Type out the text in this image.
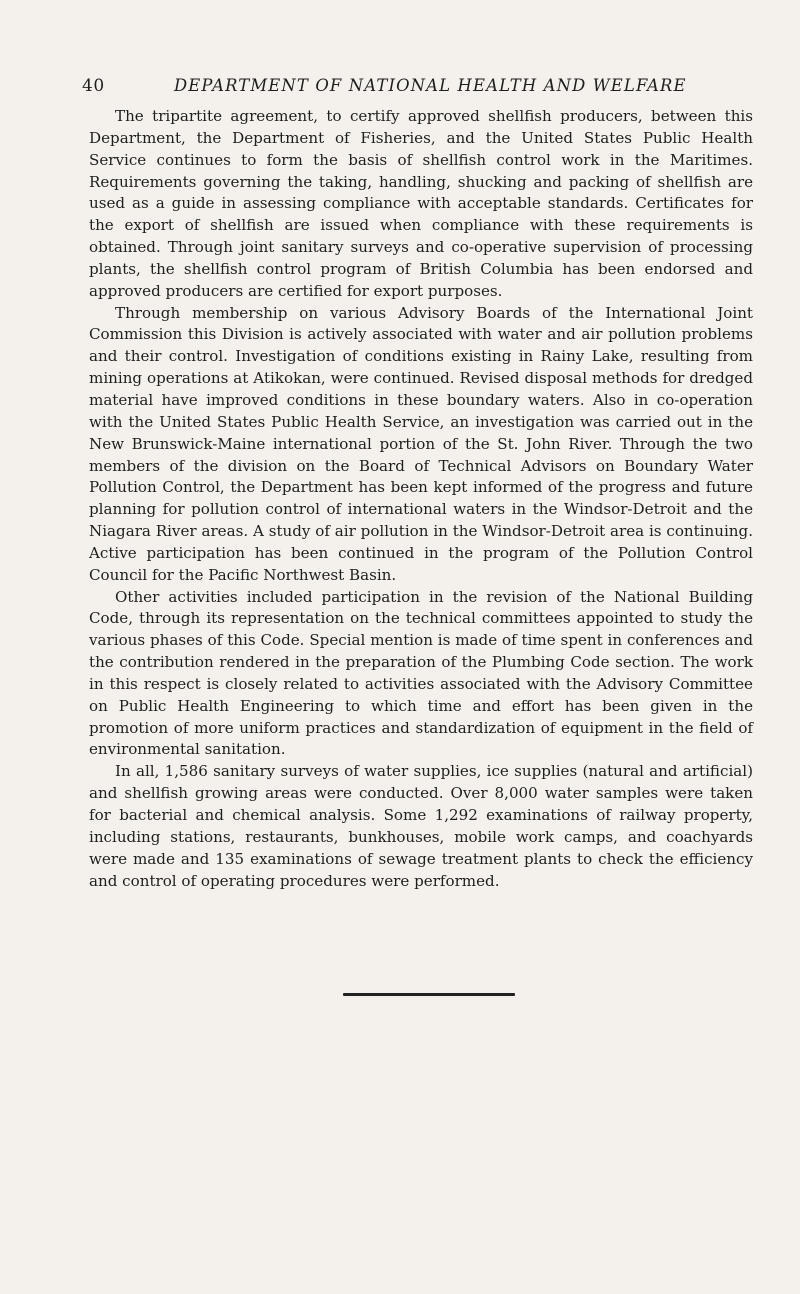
40	DEPARTMENT OF NATIONAL HEALTH AND WELFARE

The tripartite agreement, to certify approved shellfish producers, between this Department, the Department of Fisheries, and the United States Public Health Service continues to form the basis of shellfish control work in the Maritimes. Requirements governing the taking, handling, shucking and packing of shellfish are used as a guide in assessing compliance with acceptable standards. Certificates for the export of shellfish are issued when compliance with these requirements is obtained. Through joint sanitary surveys and co-operative supervision of processing plants, the shellfish control program of British Columbia has been endorsed and approved producers are certified for export purposes.

Through membership on various Advisory Boards of the International Joint Commission this Division is actively associated with water and air pollution problems and their control. Investigation of conditions existing in Rainy Lake, resulting from mining operations at Atikokan, were continued. Revised disposal methods for dredged material have improved conditions in these boundary waters. Also in co-operation with the United States Public Health Service, an investigation was carried out in the New Brunswick-Maine international portion of the St. John River. Through the two members of the division on the Board of Technical Advisors on Boundary Water Pollution Control, the Department has been kept informed of the progress and future planning for pollution control of international waters in the Windsor-Detroit and the Niagara River areas. A study of air pollution in the Windsor-Detroit area is continuing. Active participation has been continued in the program of the Pollution Control Council for the Pacific Northwest Basin.

Other activities included participation in the revision of the National Building Code, through its representation on the technical committees appointed to study the various phases of this Code. Special mention is made of time spent in conferences and the contribution rendered in the preparation of the Plumbing Code section. The work in this respect is closely related to activities associated with the Advisory Committee on Public Health Engineering to which time and effort has been given in the promotion of more uniform practices and standardization of equipment in the field of environmental sanitation.

In all, 1,586 sanitary surveys of water supplies, ice supplies (natural and artificial) and shellfish growing areas were conducted. Over 8,000 water samples were taken for bacterial and chemical analysis. Some 1,292 examinations of railway property, including stations, restaurants, bunkhouses, mobile work camps, and coachyards were made and 135 examinations of sewage treatment plants to check the efficiency and control of operating procedures were performed.
